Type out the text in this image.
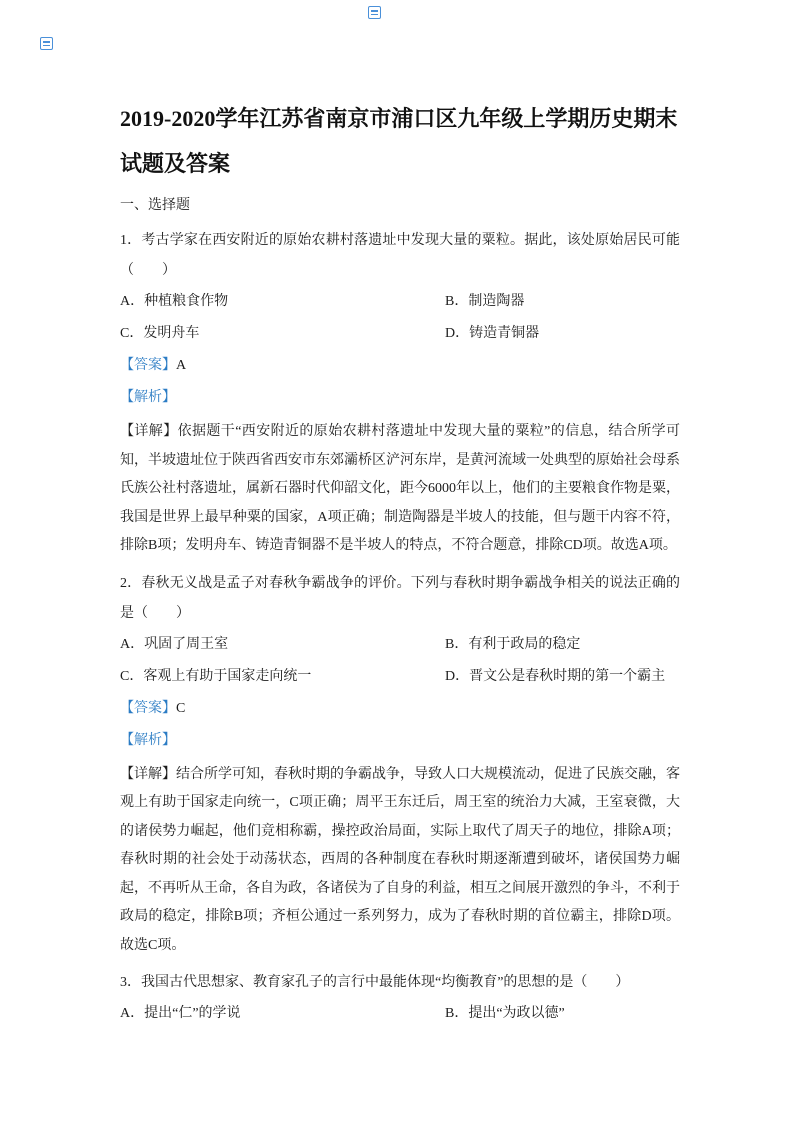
2019-2020学年江苏省南京市浦口区九年级上学期历史期末试题及答案
一、选择题

1．考古学家在西安附近的原始农耕村落遗址中发现大量的粟粒。据此，该处原始居民可能（　　）

A．种植粮食作物	B．制造陶器
C．发明舟车	D．铸造青铜器

【答案】A

【解析】

【详解】依据题干“西安附近的原始农耕村落遗址中发现大量的粟粒”的信息，结合所学可知，半坡遗址位于陕西省西安市东郊灞桥区浐河东岸，是黄河流域一处典型的原始社会母系氏族公社村落遗址，属新石器时代仰韶文化，距今6000年以上，他们的主要粮食作物是粟，我国是世界上最早种粟的国家，A项正确；制造陶器是半坡人的技能，但与题干内容不符，排除B项；发明舟车、铸造青铜器不是半坡人的特点，不符合题意，排除CD项。故选A项。

2．春秋无义战是孟子对春秋争霸战争的评价。下列与春秋时期争霸战争相关的说法正确的是（　　）

A．巩固了周王室	B．有利于政局的稳定
C．客观上有助于国家走向统一	D．晋文公是春秋时期的第一个霸主

【答案】C

【解析】

【详解】结合所学可知，春秋时期的争霸战争，导致人口大规模流动，促进了民族交融，客观上有助于国家走向统一，C项正确；周平王东迁后，周王室的统治力大减，王室衰微，大的诸侯势力崛起，他们竞相称霸，操控政治局面，实际上取代了周天子的地位，排除A项；春秋时期的社会处于动荡状态，西周的各种制度在春秋时期逐渐遭到破坏，诸侯国势力崛起，不再听从王命，各自为政，各诸侯为了自身的利益，相互之间展开激烈的争斗，不利于政局的稳定，排除B项；齐桓公通过一系列努力，成为了春秋时期的首位霸主，排除D项。故选C项。

3．我国古代思想家、教育家孔子的言行中最能体现“均衡教育”的思想的是（　　）

A．提出“仁”的学说	B．提出“为政以德”
